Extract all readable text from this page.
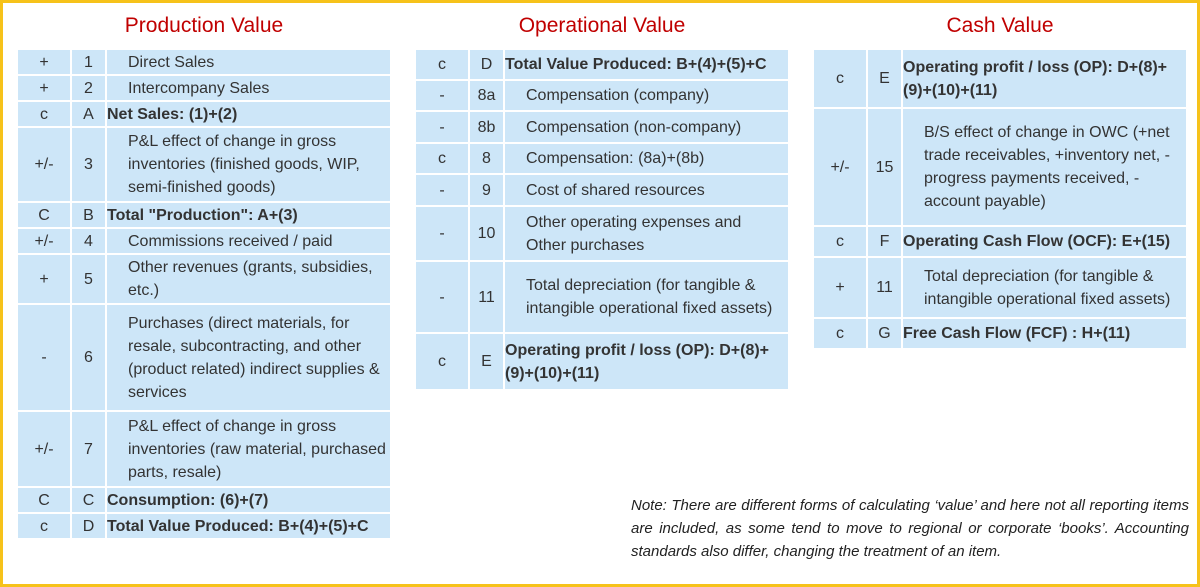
Production Value	Operational Value	Cash Value
+	1	Direct Sales
+	2	Intercompany Sales
c	A	Net Sales: (1)+(2)
+/-	3	P&L effect of change in gross inventories (finished goods, WIP, semi-finished goods)
C	B	Total "Production": A+(3)
+/-	4	Commissions received / paid
+	5	Other revenues (grants, subsidies, etc.)
-	6	Purchases (direct materials, for resale, subcontracting, and other (product related) indirect supplies & services
+/-	7	P&L effect of change in gross inventories (raw material, purchased parts, resale)
C	C	Consumption: (6)+(7)
c	D	Total Value Produced: B+(4)+(5)+C
c	D	Total Value Produced: B+(4)+(5)+C
-	8a	Compensation (company)
-	8b	Compensation (non-company)
c	8	Compensation: (8a)+(8b)
-	9	Cost of shared resources
-	10	Other operating expenses and Other purchases
-	11	Total depreciation (for tangible & intangible operational fixed assets)
c	E	Operating profit / loss (OP): D+(8)+(9)+(10)+(11)
c	E	Operating profit / loss (OP): D+(8)+(9)+(10)+(11)
+/-	15	B/S effect of change in OWC (+net trade receivables, +inventory net, -progress payments received, -account payable)
c	F	Operating Cash Flow (OCF): E+(15)
+	11	Total depreciation (for tangible & intangible operational fixed assets)
c	G	Free Cash Flow (FCF) : H+(11)
Note: There are different forms of calculating ‘value’ and here not all reporting items are included, as some tend to move to regional or corporate ‘books’. Accounting standards also differ, changing the treatment of an item.
